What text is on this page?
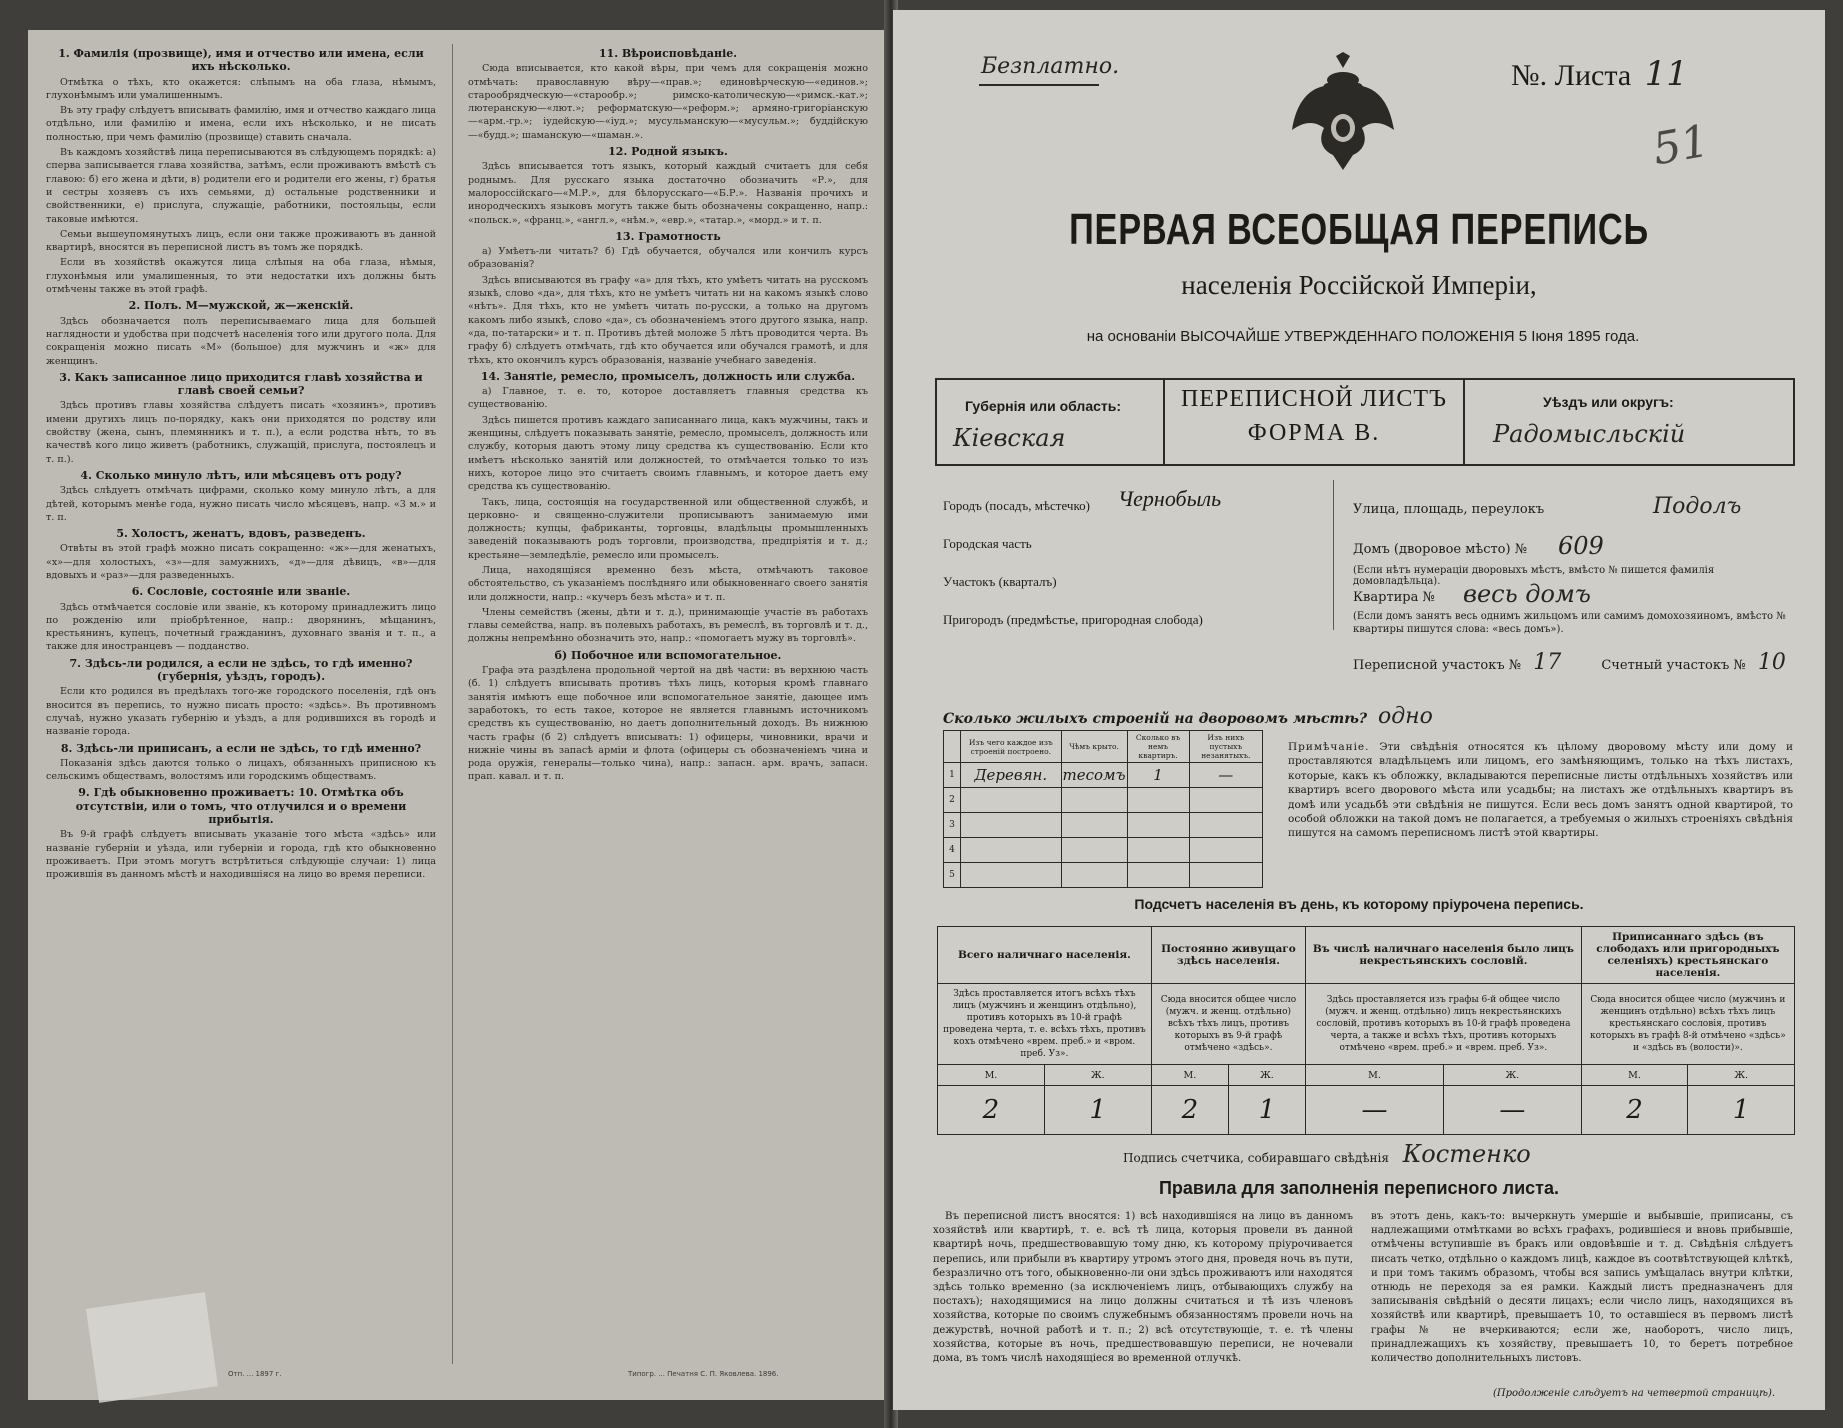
1. Фамилія (прозвище), имя и отчество или имена, если ихъ нѣсколько.

Отмѣтка о тѣхъ, кто окажется: слѣпымъ на оба глаза, нѣмымъ, глухонѣмымъ или умалишеннымъ.

Въ эту графу слѣдуетъ вписывать фамилію, имя и отчество каждаго лица отдѣльно, или фамилію и имена, если ихъ нѣсколько, и не писать полностью, при чемъ фамилію (прозвище) ставить сначала.

Въ каждомъ хозяйствѣ лица переписываются въ слѣдующемъ порядкѣ: а) сперва записывается глава хозяйства, затѣмъ, если проживаютъ вмѣстѣ съ главою: б) его жена и дѣти, в) родители его и родители его жены, г) братья и сестры хозяевъ съ ихъ семьями, д) остальные родственники и свойственники, е) прислуга, служащіе, работники, постояльцы, если таковые имѣются.

Семьи вышеупомянутыхъ лицъ, если они также проживаютъ въ данной квартирѣ, вносятся въ переписной листъ въ томъ же порядкѣ.

Если въ хозяйствѣ окажутся лица слѣпыя на оба глаза, нѣмыя, глухонѣмыя или умалишенныя, то эти недостатки ихъ должны быть отмѣчены также въ этой графѣ.

2. Полъ. М—мужской, ж—женскій.

Здѣсь обозначается полъ переписываемаго лица для большей наглядности и удобства при подсчетѣ населенія того или другого пола. Для сокращенія можно писать «М» (большое) для мужчинъ и «ж» для женщинъ.

3. Какъ записанное лицо приходится главѣ хозяйства и главѣ своей семьи?

Здѣсь противъ главы хозяйства слѣдуетъ писать «хозяинъ», противъ имени другихъ лицъ по-порядку, какъ они приходятся по родству или свойству (жена, сынъ, племянникъ и т. п.), а если родства нѣтъ, то въ качествѣ кого лицо живетъ (работникъ, служащій, прислуга, постоялецъ и т. п.).

4. Сколько минуло лѣтъ, или мѣсяцевъ отъ роду?

Здѣсь слѣдуетъ отмѣчать цифрами, сколько кому минуло лѣтъ, а для дѣтей, которымъ менѣе года, нужно писать число мѣсяцевъ, напр. «3 м.» и т. п.

5. Холостъ, женатъ, вдовъ, разведенъ.

Отвѣты въ этой графѣ можно писать сокращенно: «ж»—для женатыхъ, «х»—для холостыхъ, «з»—для замужнихъ, «д»—для дѣвицъ, «в»—для вдовыхъ и «раз»—для разведенныхъ.

6. Сословіе, состояніе или званіе.

Здѣсь отмѣчается сословіе или званіе, къ которому принадлежитъ лицо по рожденію или пріобрѣтенное, напр.: дворянинъ, мѣщанинъ, крестьянинъ, купецъ, почетный гражданинъ, духовнаго званія и т. п., а также для иностранцевъ — подданство.

7. Здѣсь-ли родился, а если не здѣсь, то гдѣ именно? (губернія, уѣздъ, городъ).

Если кто родился въ предѣлахъ того-же городского поселенія, гдѣ онъ вносится въ перепись, то нужно писать просто: «здѣсь». Въ противномъ случаѣ, нужно указать губернію и уѣздъ, а для родившихся въ городѣ и названіе города.

8. Здѣсь-ли приписанъ, а если не здѣсь, то гдѣ именно?

Показанія здѣсь даются только о лицахъ, обязанныхъ приписною къ сельскимъ обществамъ, волостямъ или городскимъ обществамъ.

9. Гдѣ обыкновенно проживаетъ: 10. Отмѣтка объ отсутствіи, или о томъ, что отлучился и о времени прибытія.

Въ 9-й графѣ слѣдуетъ вписывать указаніе того мѣста «здѣсь» или названіе губерніи и уѣзда, или губерніи и города, гдѣ кто обыкновенно проживаетъ. При этомъ могутъ встрѣтиться слѣдующіе случаи: 1) лица прожившія въ данномъ мѣстѣ и находившіяся на лицо во время переписи.

11. Вѣроисповѣданіе.

Сюда вписывается, кто какой вѣры, при чемъ для сокращенія можно отмѣчать: православную вѣру—«прав.»; единовѣрческую—«единов.»; старообрядческую—«старообр.»; римско-католическую—«римск.-кат.»; лютеранскую—«лют.»; реформатскую—«реформ.»; армяно-григоріанскую—«арм.-гр.»; іудейскую—«іуд.»; мусульманскую—«мусульм.»; буддійскую—«будд.»; шаманскую—«шаман.».

12. Родной языкъ.

Здѣсь вписывается тотъ языкъ, который каждый считаетъ для себя роднымъ. Для русскаго языка достаточно обозначить «Р.», для малороссійскаго—«М.Р.», для бѣлорусскаго—«Б.Р.». Названія прочихъ и инородческихъ языковъ могутъ также быть обозначены сокращенно, напр.: «польск.», «франц.», «англ.», «нѣм.», «евр.», «татар.», «морд.» и т. п.

13. Грамотность

а) Умѣетъ-ли читать? б) Гдѣ обучается, обучался или кончилъ курсъ образованія?

Здѣсь вписываются въ графу «а» для тѣхъ, кто умѣетъ читать на русскомъ языкѣ, слово «да», для тѣхъ, кто не умѣетъ читать ни на какомъ языкѣ слово «нѣтъ». Для тѣхъ, кто не умѣетъ читать по-русски, а только на другомъ какомъ либо языкѣ, слово «да», съ обозначеніемъ этого другого языка, напр. «да, по-татарски» и т. п. Противъ дѣтей моложе 5 лѣтъ проводится черта. Въ графу б) слѣдуетъ отмѣчать, гдѣ кто обучается или обучался грамотѣ, и для тѣхъ, кто окончилъ курсъ образованія, названіе учебнаго заведенія.

14. Занятіе, ремесло, промыселъ, должность или служба.

а) Главное, т. е. то, которое доставляетъ главныя средства къ существованію.

Здѣсь пишется противъ каждаго записаннаго лица, какъ мужчины, такъ и женщины, слѣдуетъ показывать занятіе, ремесло, промыселъ, должность или службу, которыя даютъ этому лицу средства къ существованію. Если кто имѣетъ нѣсколько занятій или должностей, то отмѣчается только то изъ нихъ, которое лицо это считаетъ своимъ главнымъ, и которое даетъ ему средства къ существованію.

Такъ, лица, состоящія на государственной или общественной службѣ, и церковно- и священно-служители прописываютъ занимаемую ими должность; купцы, фабриканты, торговцы, владѣльцы промышленныхъ заведеній показываютъ родъ торговли, производства, предпріятія и т. д.; крестьяне—земледѣліе, ремесло или промыселъ.

Лица, находящіяся временно безъ мѣста, отмѣчаютъ таковое обстоятельство, съ указаніемъ послѣдняго или обыкновеннаго своего занятія или должности, напр.: «кучеръ безъ мѣста» и т. п.

Члены семействъ (жены, дѣти и т. д.), принимающіе участіе въ работахъ главы семейства, напр. въ полевыхъ работахъ, въ ремеслѣ, въ торговлѣ и т. д., должны непремѣнно обозначить это, напр.: «помогаетъ мужу въ торговлѣ».

б) Побочное или вспомогательное.

Графа эта раздѣлена продольной чертой на двѣ части: въ верхнюю часть (б. 1) слѣдуетъ вписывать противъ тѣхъ лицъ, которыя кромѣ главнаго занятія имѣютъ еще побочное или вспомогательное занятіе, дающее имъ заработокъ, то есть такое, которое не является главнымъ источникомъ средствъ къ существованію, но даетъ дополнительный доходъ. Въ нижнюю часть графы (б 2) слѣдуетъ вписывать: 1) офицеры, чиновники, врачи и нижніе чины въ запасѣ арміи и флота (офицеры съ обозначеніемъ чина и рода оружія, генералы—только чина), напр.: запасн. арм. врачъ, запасн. прап. кавал. и т. п.

Отп. ... 1897 г.	Типогр. ... Печатня С. П. Яковлева. 1896.
Безплатно.	№. Листа 11
51
ПЕРВАЯ ВСЕОБЩАЯ ПЕРЕПИСЬ
населенія Россійской Имперіи,
на основаніи ВЫСОЧАЙШЕ УТВЕРЖДЕННАГО ПОЛОЖЕНІЯ 5 Іюня 1895 года.
Губернія или область:
Кіевская
ПЕРЕПИСНОЙ ЛИСТЪ
ФОРМА В.
Уѣздъ или округъ:
Радомысльскій
Городъ (посадъ, мѣстечко) Чернобыль
Городская часть
Участокъ (кварталъ)
Пригородъ (предмѣстье, пригородная слобода)
Улица, площадь, переулокъ	Подолъ
Домъ (дворовое мѣсто) № 609
(Если нѣтъ нумераціи дворовыхъ мѣстъ, вмѣсто № пишется фамилія домовладѣльца).
Квартира № весь домъ
(Если домъ занятъ весь однимъ жильцомъ или самимъ домохозяиномъ, вмѣсто № квартиры пишутся слова: «весь домъ»).
Переписной участокъ № 17	Счетный участокъ № 10
Сколько жилыхъ строеній на дворовомъ мѣстѣ? одно
	Изъ чего каждое изъ строеній построено.	Чѣмъ крыто.	Сколько въ немъ квартиръ.	Изъ нихъ пустыхъ незанятыхъ.
1	Деревян.	тесомъ	1	—
2				
3				
4				
5				
Примѣчаніе. Эти свѣдѣнія относятся къ цѣлому дворовому мѣсту или дому и проставляются владѣльцемъ или лицомъ, его замѣняющимъ, только на тѣхъ листахъ, которые, какъ къ обложку, вкладываются переписные листы отдѣльныхъ хозяйствъ или квартиръ всего дворового мѣста или усадьбы; на листахъ же отдѣльныхъ квартиръ въ домѣ или усадьбѣ эти свѣдѣнія не пишутся. Если весь домъ занятъ одной квартирой, то особой обложки на такой домъ не полагается, а требуемыя о жилыхъ строеніяхъ свѣдѣнія пишутся на самомъ переписномъ листѣ этой квартиры.
Подсчетъ населенія въ день, къ которому пріурочена перепись.
Всего наличнаго населенія.		Постоянно живущаго здѣсь населенія.		Въ числѣ наличнаго населенія было лицъ некрестьянскихъ сословій.		Приписаннаго здѣсь (въ слободахъ или пригородныхъ селеніяхъ) крестьянскаго населенія.	
Здѣсь проставляется итогъ всѣхъ тѣхъ лицъ (мужчинъ и женщинъ отдѣльно), противъ которыхъ въ 10-й графѣ проведена черта, т. е. всѣхъ тѣхъ, противъ кохъ отмѣчено «врем. преб.» и «вром. преб. Уз».		Сюда вносится общее число (мужч. и женщ. отдѣльно) всѣхъ тѣхъ лицъ, противъ которыхъ въ 9-й графѣ отмѣчено «здѣсь».		Здѣсь проставляется изъ графы 6-й общее число (мужч. и женщ. отдѣльно) лицъ некрестьянскихъ сословій, противъ которыхъ въ 10-й графѣ проведена черта, а также и всѣхъ тѣхъ, противъ которыхъ отмѣчено «врем. преб.» и «врем. преб. Уз».		Сюда вносится общее число (мужчинъ и женщинъ отдѣльно) всѣхъ тѣхъ лицъ крестьянскаго сословія, противъ которыхъ въ графѣ 8-й отмѣчено «здѣсь» и «здѣсь въ (волости)».	
М.	Ж.	М.	Ж.	М.	Ж.	М.	Ж.
2	1	2	1	—	—	2	1
Подпись счетчика, собиравшаго свѣдѣнія Костенко
Правила для заполненія переписного листа.
Въ переписной листъ вносятся: 1) всѣ находившіяся на лицо въ данномъ хозяйствѣ или квартирѣ, т. е. всѣ тѣ лица, которыя провели въ данной квартирѣ ночь, предшествовавшую тому дню, къ которому пріурочивается перепись, или прибыли въ квартиру утромъ этого дня, проведя ночь въ пути, безразлично отъ того, обыкновенно-ли они здѣсь проживаютъ или находятся здѣсь только временно (за исключеніемъ лицъ, отбывающихъ службу на постахъ); находящимися на лицо должны считаться и тѣ изъ членовъ хозяйства, которые по своимъ служебнымъ обязанностямъ провели ночь на дежурствѣ, ночной работѣ и т. п.; 2) всѣ отсутствующіе, т. е. тѣ члены хозяйства, которые въ ночь, предшествовавшую переписи, не ночевали дома, въ томъ числѣ находящіеся во временной отлучкѣ.
въ этотъ день, какъ-то: вычеркнуть умершіе и выбывшіе, приписаны, съ надлежащими отмѣтками во всѣхъ графахъ, родившіеся и вновь прибывшіе, отмѣчены вступившіе въ бракъ или овдовѣвшіе и т. д. Свѣдѣнія слѣдуетъ писать четко, отдѣльно о каждомъ лицѣ, каждое въ соотвѣтствующей клѣткѣ, и при томъ такимъ образомъ, чтобы вся запись умѣщалась внутри клѣтки, отнюдь не переходя за ея рамки. Каждый листъ предназначенъ для записыванія свѣдѣній о десяти лицахъ; если число лицъ, находящихся въ хозяйствѣ или квартирѣ, превышаетъ 10, то оставшіеся въ первомъ листѣ графы № не вчеркиваются; если же, наоборотъ, число лицъ, принадлежащихъ къ хозяйству, превышаетъ 10, то беретъ потребное количество дополнительныхъ листовъ.
(Продолженіе слѣдуетъ на четвертой страницѣ).
